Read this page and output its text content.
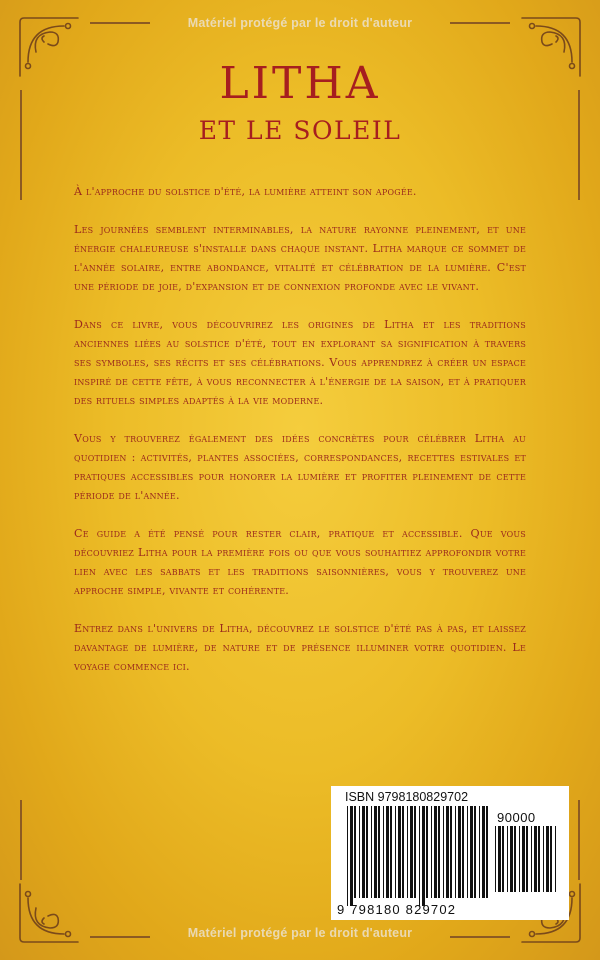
Matériel protégé par le droit d'auteur
LITHA
ET LE SOLEIL

À l'approche du solstice d'été, la lumière atteint son apogée.

Les journées semblent interminables, la nature rayonne pleinement, et une énergie chaleureuse s'installe dans chaque instant. Litha marque ce sommet de l'année solaire, entre abondance, vitalité et célébration de la lumière. C'est une période de joie, d'expansion et de connexion profonde avec le vivant.

Dans ce livre, vous découvrirez les origines de Litha et les traditions anciennes liées au solstice d'été, tout en explorant sa signification à travers ses symboles, ses récits et ses célébrations. Vous apprendrez à créer un espace inspiré de cette fête, à vous reconnecter à l'énergie de la saison, et à pratiquer des rituels simples adaptés à la vie moderne.

Vous y trouverez également des idées concrètes pour célébrer Litha au quotidien : activités, plantes associées, correspondances, recettes estivales et pratiques accessibles pour honorer la lumière et profiter pleinement de cette période de l'année.

Ce guide a été pensé pour rester clair, pratique et accessible. Que vous découvriez Litha pour la première fois ou que vous souhaitiez approfondir votre lien avec les sabbats et les traditions saisonnières, vous y trouverez une approche simple, vivante et cohérente.

Entrez dans l'univers de Litha, découvrez le solstice d'été pas à pas, et laissez davantage de lumière, de nature et de présence illuminer votre quotidien. Le voyage commence ici.

ISBN 9798180829702
90000
9 798180 829702
Matériel protégé par le droit d'auteur
